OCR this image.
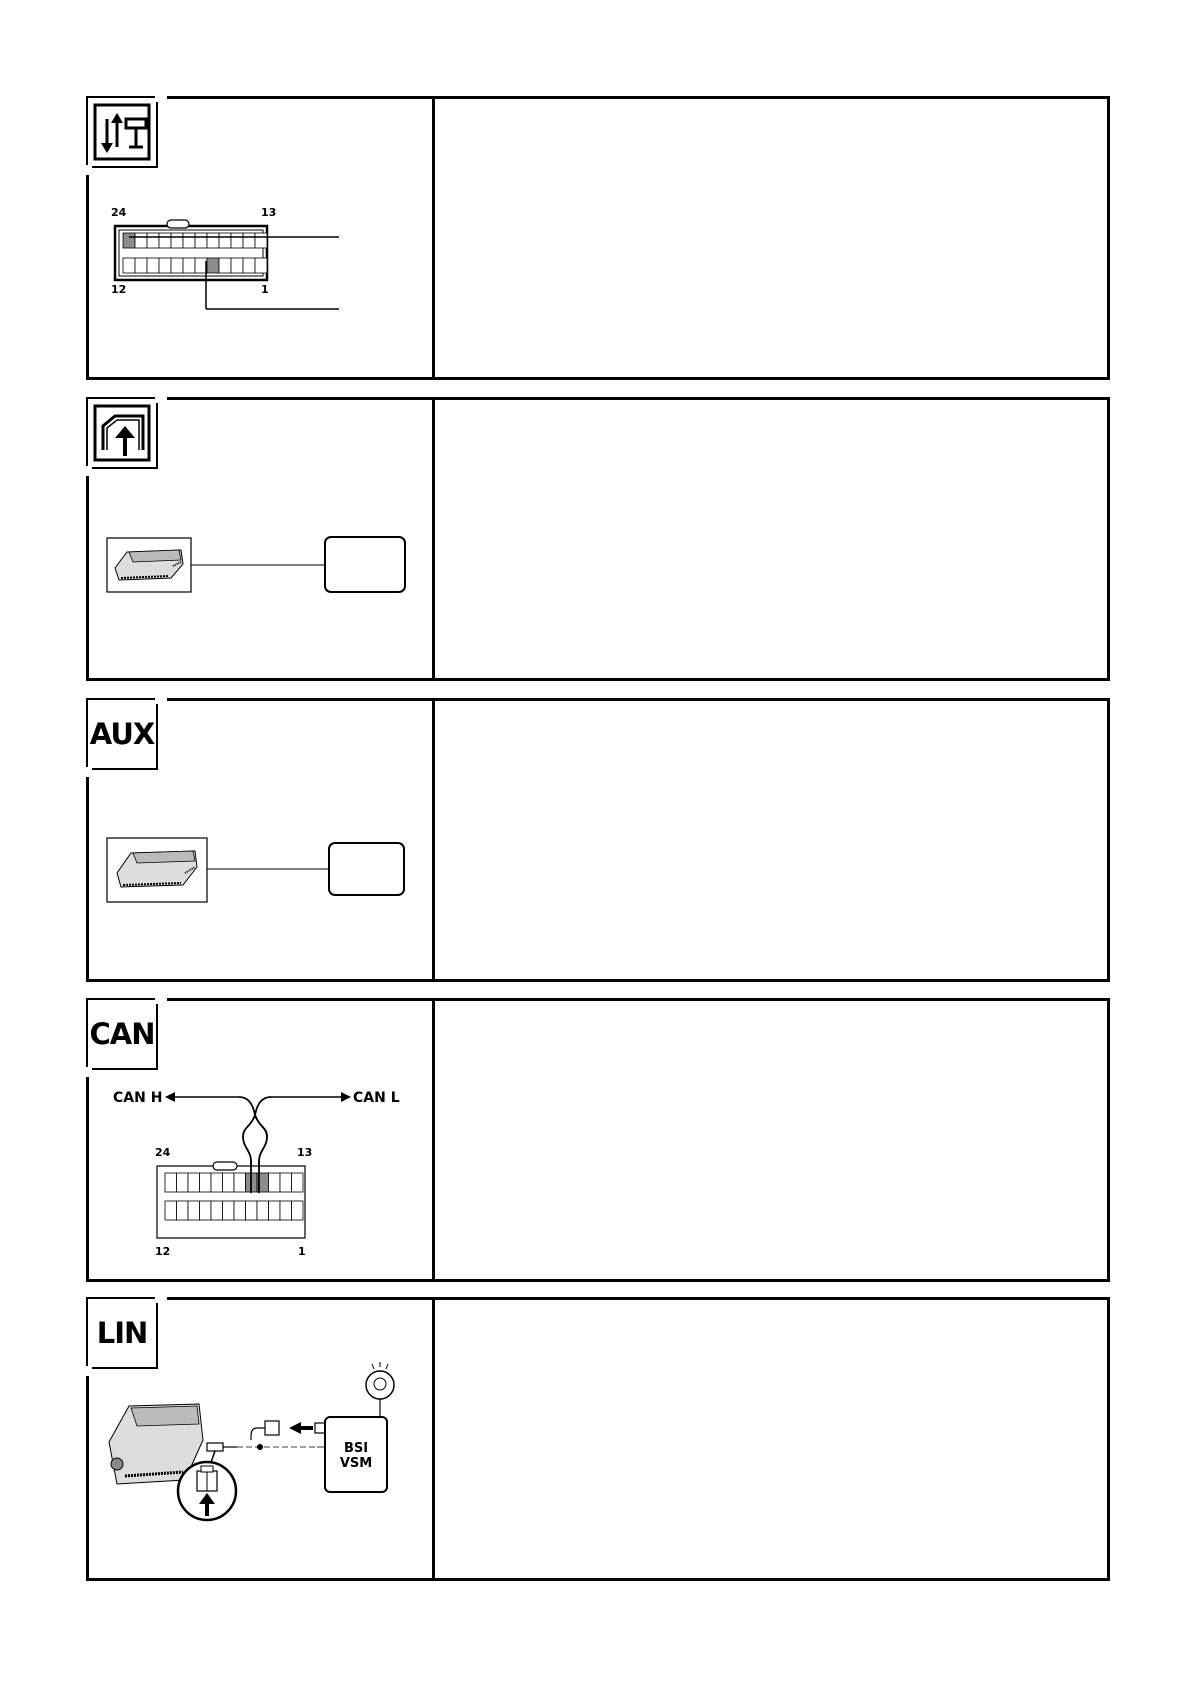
24	13
12	1
AUX
CAN
CAN H	CAN L
24	13
12	1
LIN
BSI
VSM
